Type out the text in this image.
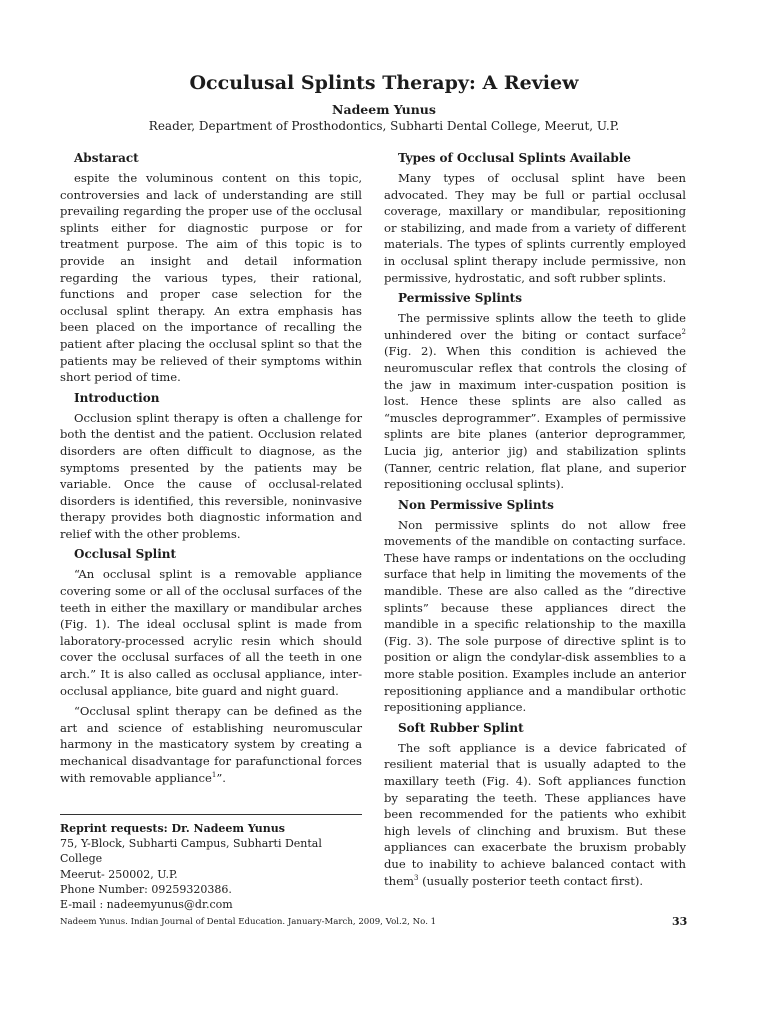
Occulusal Splints Therapy: A Review
Nadeem Yunus
Reader, Department of Prosthodontics, Subharti Dental College, Meerut, U.P.
Abstaract

espite the voluminous content on this topic, controversies and lack of understanding are still prevailing regarding the proper use of the occlusal splints either for diagnostic purpose or for treatment purpose. The aim of this topic is to provide an insight and detail information regarding the various types, their rational, functions and proper case selection for the occlusal splint therapy. An extra emphasis has been placed on the importance of recalling the patient after placing the occlusal splint so that the patients may be relieved of their symptoms within short period of time.

Introduction

Occlusion splint therapy is often a challenge for both the dentist and the patient. Occlusion related disorders are often difficult to diagnose, as the symptoms presented by the patients may be variable. Once the cause of occlusal-related disorders is identified, this reversible, noninvasive therapy provides both diagnostic information and relief with the other problems.

Occlusal Splint

“An occlusal splint is a removable appliance covering some or all of the occlusal surfaces of the teeth in either the maxillary or mandibular arches (Fig. 1). The ideal occlusal splint is made from laboratory-processed acrylic resin which should cover the occlusal surfaces of all the teeth in one arch.” It is also called as occlusal appliance, inter-occlusal appliance, bite guard and night guard.

“Occlusal splint therapy can be defined as the art and science of establishing neuromuscular harmony in the masticatory system by creating a mechanical disadvantage for parafunctional forces with removable appliance$^1$”.

Types of Occlusal Splints Available

Many types of occlusal splint have been advocated. They may be full or partial occlusal coverage, maxillary or mandibular, repositioning or stabilizing, and made from a variety of different materials. The types of splints currently employed in occlusal splint therapy include permissive, non permissive, hydrostatic, and soft rubber splints.

Permissive Splints

The permissive splints allow the teeth to glide unhindered over the biting or contact surface$^2$ (Fig. 2). When this condition is achieved the neuromuscular reflex that controls the closing of the jaw in maximum inter-cuspation position is lost. Hence these splints are also called as “muscles deprogrammer”. Examples of permissive splints are bite planes (anterior deprogrammer, Lucia jig, anterior jig) and stabilization splints (Tanner, centric relation, flat plane, and superior repositioning occlusal splints).

Non Permissive Splints

Non permissive splints do not allow free movements of the mandible on contacting surface. These have ramps or indentations on the occluding surface that help in limiting the movements of the mandible. These are also called as the “directive splints” because these appliances direct the mandible in a specific relationship to the maxilla (Fig. 3). The sole purpose of directive splint is to position or align the condylar-disk assemblies to a more stable position. Examples include an anterior repositioning appliance and a mandibular orthotic repositioning appliance.

Soft Rubber Splint

The soft appliance is a device fabricated of resilient material that is usually adapted to the maxillary teeth (Fig. 4). Soft appliances function by separating the teeth. These appliances have been recommended for the patients who exhibit high levels of clinching and bruxism. But these appliances can exacerbate the bruxism probably due to inability to achieve balanced contact with them$^3$ (usually posterior teeth contact first).

Reprint requests: Dr. Nadeem Yunus
75, Y-Block, Subharti Campus, Subharti Dental College
Meerut- 250002, U.P.
Phone Number: 09259320386.
E-mail : nadeemyunus@dr.com
Nadeem Yunus. Indian Journal of Dental Education. January-March, 2009, Vol.2, No. 1	33
